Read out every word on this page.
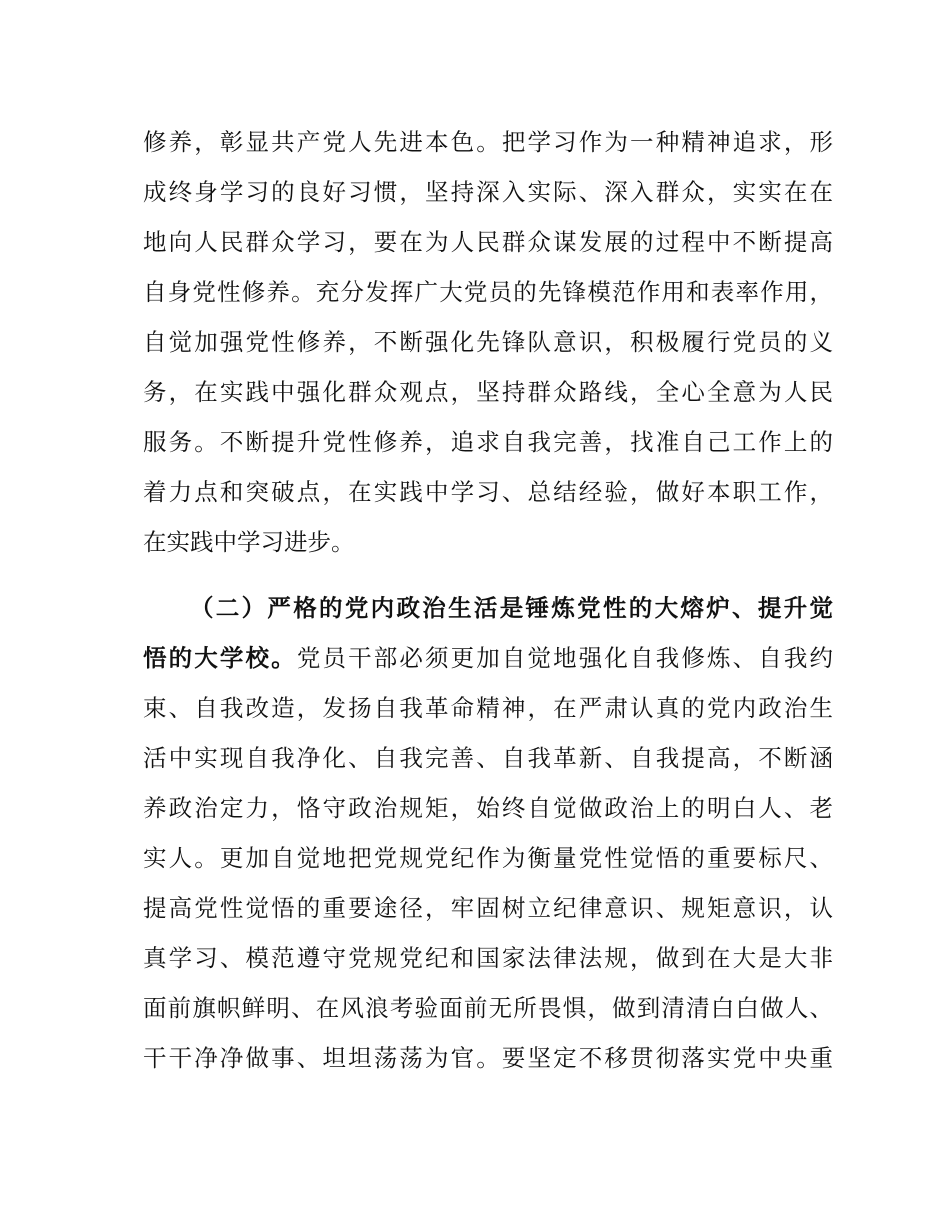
修养，彰显共产党人先进本色。把学习作为一种精神追求，形
成终身学习的良好习惯，坚持深入实际、深入群众，实实在在
地向人民群众学习，要在为人民群众谋发展的过程中不断提高
自身党性修养。充分发挥广大党员的先锋模范作用和表率作用，
自觉加强党性修养，不断强化先锋队意识，积极履行党员的义
务，在实践中强化群众观点，坚持群众路线，全心全意为人民
服务。不断提升党性修养，追求自我完善，找准自己工作上的
着力点和突破点，在实践中学习、总结经验，做好本职工作，
在实践中学习进步。
（二）严格的党内政治生活是锤炼党性的大熔炉、提升觉
悟的大学校。党员干部必须更加自觉地强化自我修炼、自我约
束、自我改造，发扬自我革命精神，在严肃认真的党内政治生
活中实现自我净化、自我完善、自我革新、自我提高，不断涵
养政治定力，恪守政治规矩，始终自觉做政治上的明白人、老
实人。更加自觉地把党规党纪作为衡量党性觉悟的重要标尺、
提高党性觉悟的重要途径，牢固树立纪律意识、规矩意识，认
真学习、模范遵守党规党纪和国家法律法规，做到在大是大非
面前旗帜鲜明、在风浪考验面前无所畏惧，做到清清白白做人、
干干净净做事、坦坦荡荡为官。要坚定不移贯彻落实党中央重
